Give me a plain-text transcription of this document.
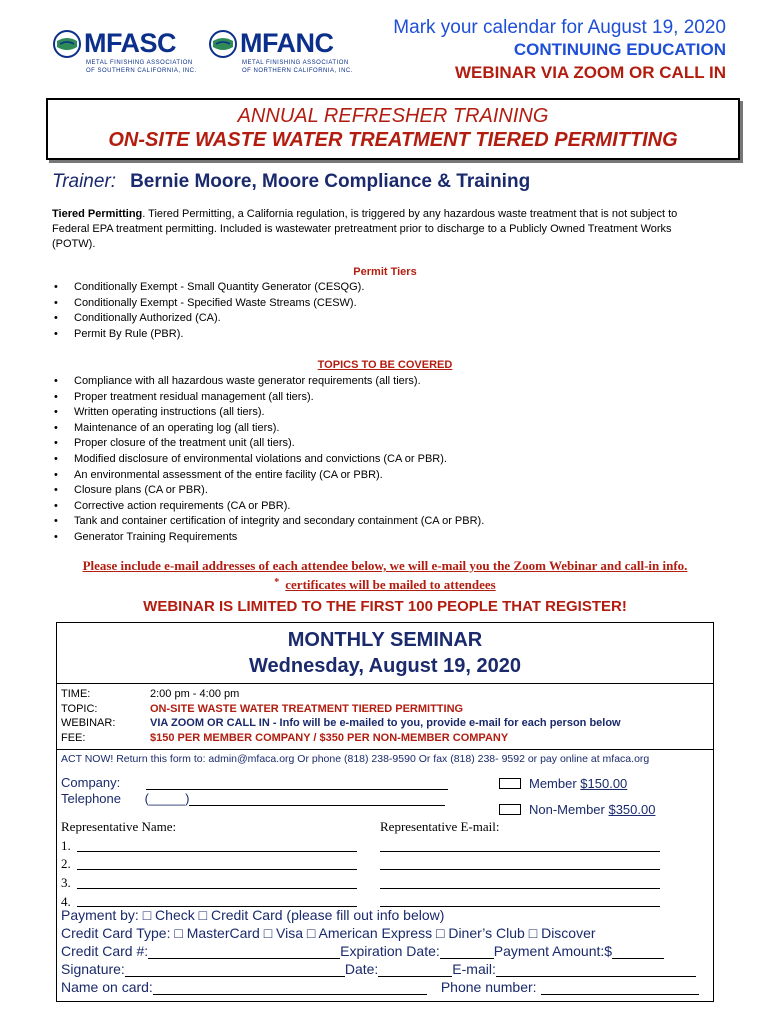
MFASC
METAL FINISHING ASSOCIATION
OF SOUTHERN CALIFORNIA, INC.
MFANC
METAL FINISHING ASSOCIATION
OF NORTHERN CALIFORNIA, INC.
Mark your calendar for August 19, 2020
CONTINUING EDUCATION
WEBINAR VIA ZOOM OR CALL IN
ANNUAL REFRESHER TRAINING
ON-SITE WASTE WATER TREATMENT TIERED PERMITTING
Trainer: Bernie Moore, Moore Compliance & Training
Tiered Permitting. Tiered Permitting, a California regulation, is triggered by any hazardous waste treatment that is not subject to Federal EPA treatment permitting. Included is wastewater pretreatment prior to discharge to a Publicly Owned Treatment Works (POTW).
Permit Tiers
• Conditionally Exempt - Small Quantity Generator (CESQG).
• Conditionally Exempt - Specified Waste Streams (CESW).
• Conditionally Authorized (CA).
• Permit By Rule (PBR).
TOPICS TO BE COVERED
• Compliance with all hazardous waste generator requirements (all tiers).
• Proper treatment residual management (all tiers).
• Written operating instructions (all tiers).
• Maintenance of an operating log (all tiers).
• Proper closure of the treatment unit (all tiers).
• Modified disclosure of environmental violations and convictions (CA or PBR).
• An environmental assessment of the entire facility (CA or PBR).
• Closure plans (CA or PBR).
• Corrective action requirements (CA or PBR).
• Tank and container certification of integrity and secondary containment (CA or PBR).
• Generator Training Requirements
Please include e-mail addresses of each attendee below, we will e-mail you the Zoom Webinar and call-in info.
* certificates will be mailed to attendees
WEBINAR IS LIMITED TO THE FIRST 100 PEOPLE THAT REGISTER!
MONTHLY SEMINAR
Wednesday, August 19, 2020
TIME:	2:00 pm - 4:00 pm
TOPIC:	ON-SITE WASTE WATER TREATMENT TIERED PERMITTING
WEBINAR:	VIA ZOOM OR CALL IN - Info will be e-mailed to you, provide e-mail for each person below
FEE:	$150 PER MEMBER COMPANY / $350 PER NON-MEMBER COMPANY
ACT NOW! Return this form to: admin@mfaca.org Or phone (818) 238-9590 Or fax (818) 238- 9592 or pay online at mfaca.org
Company:
Telephone (_____)
Member $150.00
Non-Member $350.00
Representative Name:	Representative E-mail:
1.
2.
3.
4.
Payment by: □ Check □ Credit Card (please fill out info below)
Credit Card Type: □ MasterCard □ Visa □ American Express □ Diner’s Club □ Discover
Credit Card #:	Expiration Date:	Payment Amount:$
Signature:	Date:	E-mail:
Name on card:	Phone number:
